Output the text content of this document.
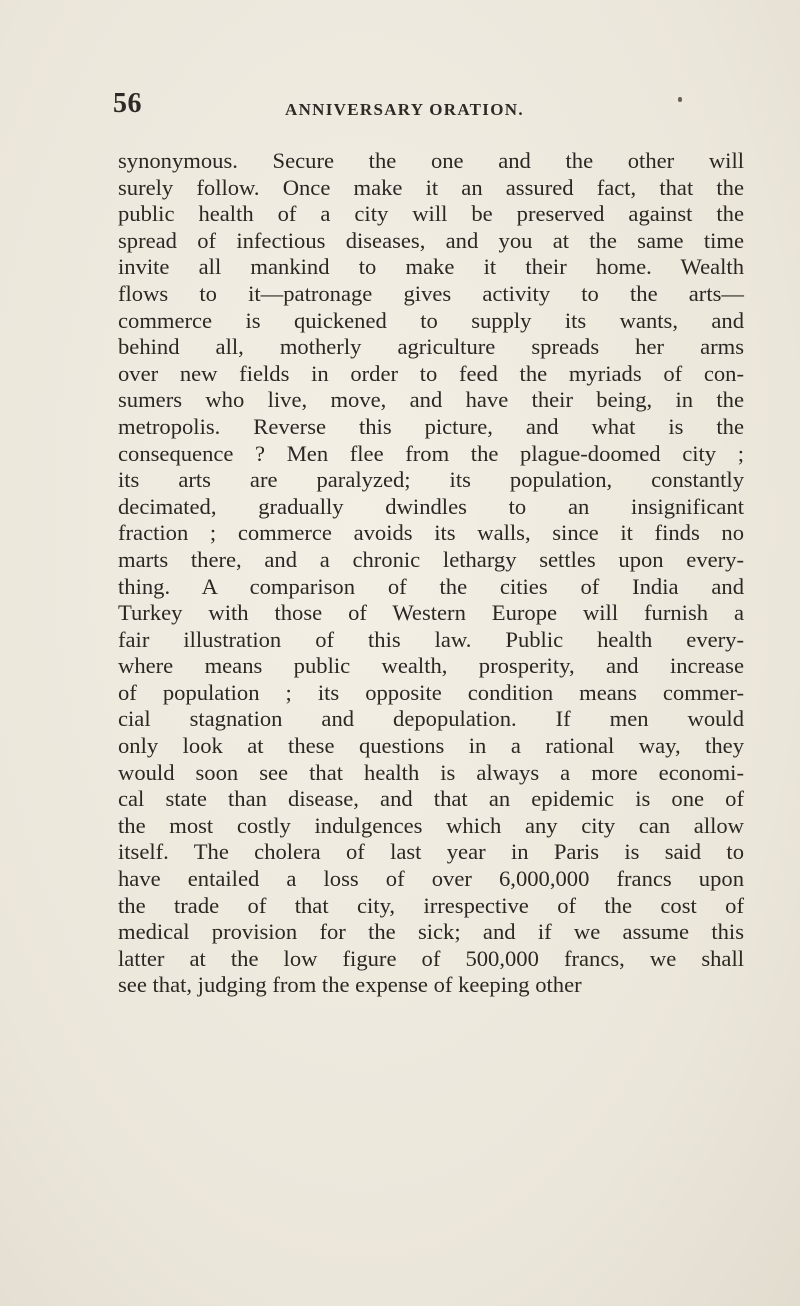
56	ANNIVERSARY ORATION.
synonymous. Secure the one and the other will
surely follow. Once make it an assured fact, that the
public health of a city will be preserved against the
spread of infectious diseases, and you at the same time
invite all mankind to make it their home. Wealth
flows to it—patronage gives activity to the arts—
commerce is quickened to supply its wants, and
behind all, motherly agriculture spreads her arms
over new fields in order to feed the myriads of con-
sumers who live, move, and have their being, in the
metropolis. Reverse this picture, and what is the
consequence ? Men flee from the plague-doomed city ;
its arts are paralyzed; its population, constantly
decimated, gradually dwindles to an insignificant
fraction ; commerce avoids its walls, since it finds no
marts there, and a chronic lethargy settles upon every-
thing. A comparison of the cities of India and
Turkey with those of Western Europe will furnish a
fair illustration of this law. Public health every-
where means public wealth, prosperity, and increase
of population ; its opposite condition means commer-
cial stagnation and depopulation. If men would
only look at these questions in a rational way, they
would soon see that health is always a more economi-
cal state than disease, and that an epidemic is one of
the most costly indulgences which any city can allow
itself. The cholera of last year in Paris is said to
have entailed a loss of over 6,000,000 francs upon
the trade of that city, irrespective of the cost of
medical provision for the sick; and if we assume this
latter at the low figure of 500,000 francs, we shall
see that, judging from the expense of keeping other
